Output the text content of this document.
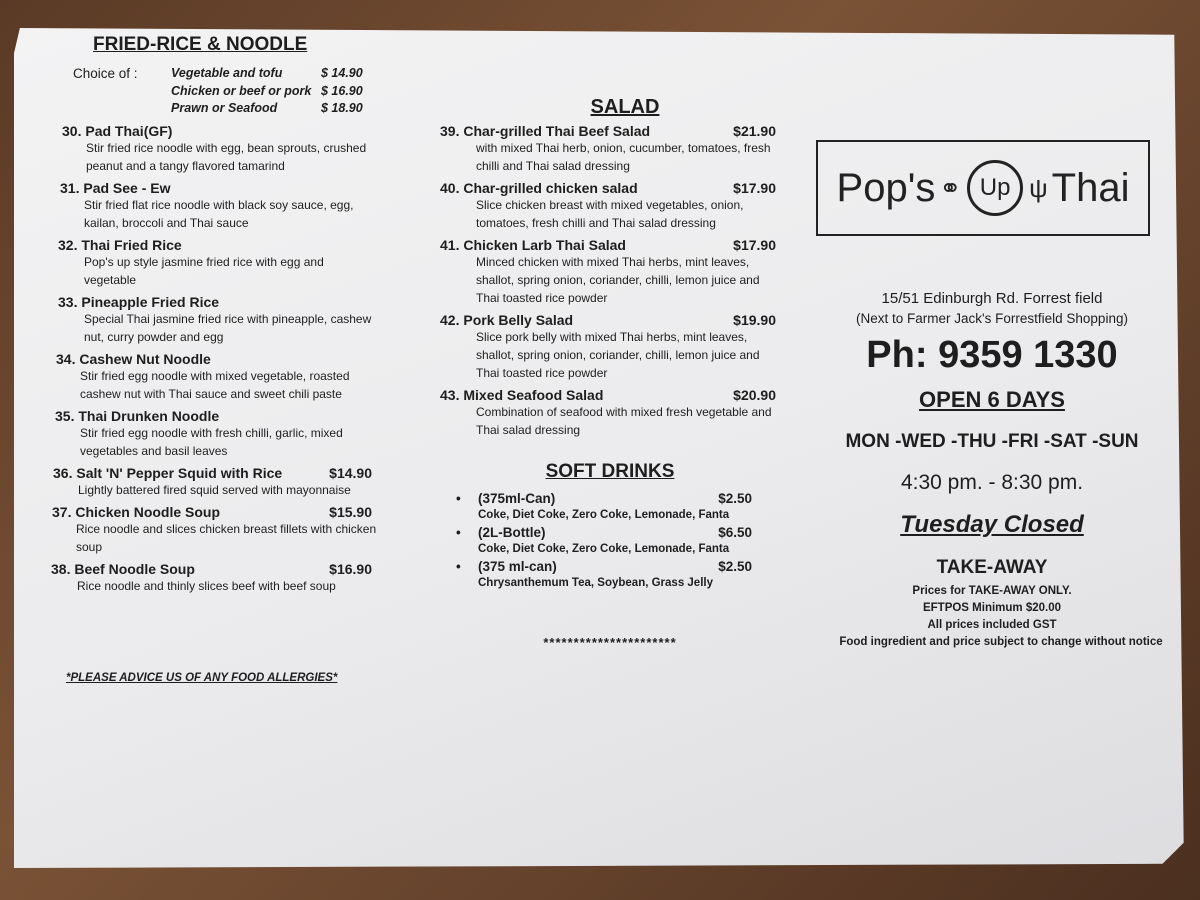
FRIED-RICE & NOODLE
Choice of :	Vegetable and tofu	$ 14.90
Chicken or beef or pork $ 16.90
Prawn or Seafood	$ 18.90
30. Pad Thai(GF)
Stir fried rice noodle with egg, bean sprouts, crushed peanut and a tangy flavored tamarind
31. Pad See - Ew
Stir fried flat rice noodle with black soy sauce, egg, kailan, broccoli and Thai sauce
32. Thai Fried Rice
Pop's up style jasmine fried rice with egg and vegetable
33. Pineapple Fried Rice
Special Thai jasmine fried rice with pineapple, cashew nut, curry powder and egg
34. Cashew Nut Noodle
Stir fried egg noodle with mixed vegetable, roasted cashew nut with Thai sauce and sweet chili paste
35. Thai Drunken Noodle
Stir fried egg noodle with fresh chilli, garlic, mixed vegetables and basil leaves
36. Salt 'N' Pepper Squid with Rice	$14.90
Lightly battered fired squid served with mayonnaise
37. Chicken Noodle Soup	$15.90
Rice noodle and slices chicken breast fillets with chicken soup
38. Beef Noodle Soup	$16.90
Rice noodle and thinly slices beef with beef soup
*PLEASE ADVICE US OF ANY FOOD ALLERGIES*
SALAD
39. Char-grilled Thai Beef Salad	$21.90
with mixed Thai herb, onion, cucumber, tomatoes, fresh chilli and Thai salad dressing
40. Char-grilled chicken salad	$17.90
Slice chicken breast with mixed vegetables, onion, tomatoes, fresh chilli and Thai salad dressing
41. Chicken Larb Thai Salad	$17.90
Minced chicken with mixed Thai herbs, mint leaves, shallot, spring onion, coriander, chilli, lemon juice and Thai toasted rice powder
42. Pork Belly Salad	$19.90
Slice pork belly with mixed Thai herbs, mint leaves, shallot, spring onion, coriander, chilli, lemon juice and Thai toasted rice powder
43. Mixed Seafood Salad	$20.90
Combination of seafood with mixed fresh vegetable and Thai salad dressing
SOFT DRINKS
• (375ml-Can)	$2.50
Coke, Diet Coke, Zero Coke, Lemonade, Fanta
• (2L-Bottle)	$6.50
Coke, Diet Coke, Zero Coke, Lemonade, Fanta
• (375 ml-can)	$2.50
Chrysanthemum Tea, Soybean, Grass Jelly
**********************
Pop's ⚭ Up ψ Thai
15/51 Edinburgh Rd. Forrest field
(Next to Farmer Jack's Forrestfield Shopping)
Ph: 9359 1330
OPEN 6 DAYS
MON -WED -THU -FRI -SAT -SUN
4:30 pm. - 8:30 pm.
Tuesday Closed
TAKE-AWAY
Prices for TAKE-AWAY ONLY.
EFTPOS Minimum $20.00
All prices included GST
Food ingredient and price subject to change without notice
